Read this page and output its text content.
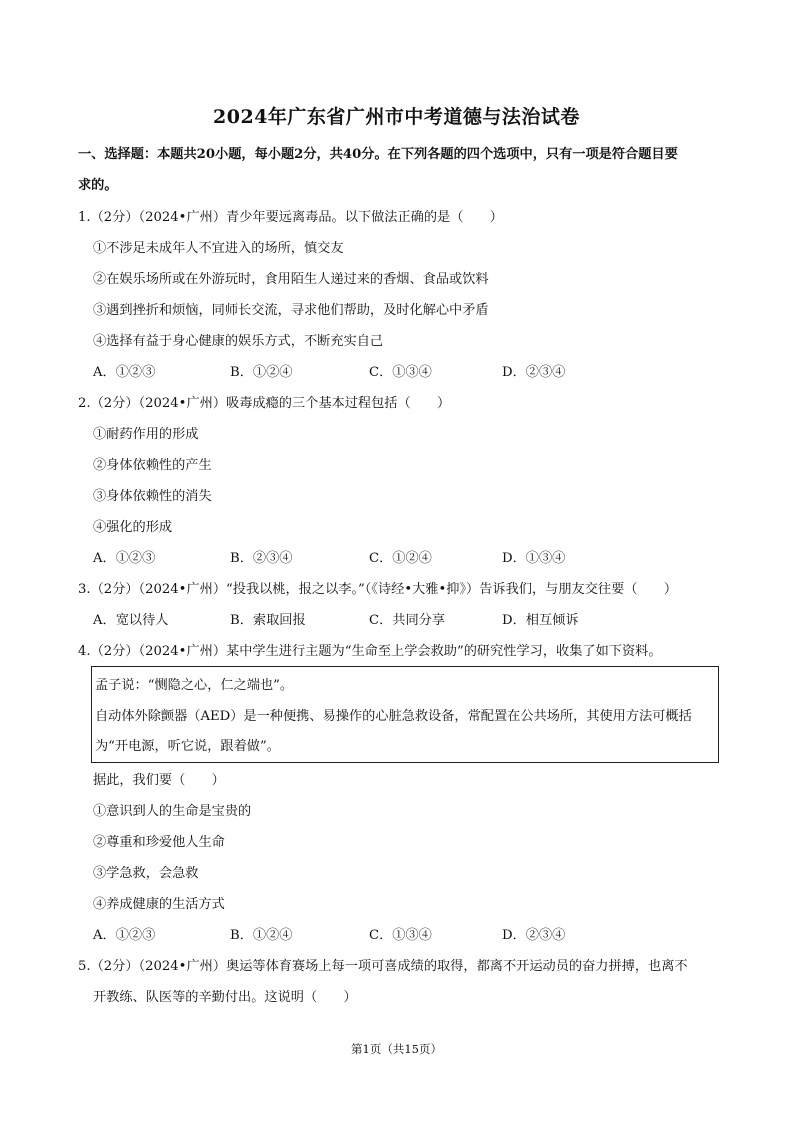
2024年广东省广州市中考道德与法治试卷
一、选择题：本题共20小题，每小题2分，共40分。在下列各题的四个选项中，只有一项是符合题目要
求的。
1.（2分）（2024•广州）青少年要远离毒品。以下做法正确的是（　　）
①不涉足未成年人不宜进入的场所，慎交友
②在娱乐场所或在外游玩时，食用陌生人递过来的香烟、食品或饮料
③遇到挫折和烦恼，同师长交流，寻求他们帮助，及时化解心中矛盾
④选择有益于身心健康的娱乐方式，不断充实自己
A．①②③	B．①②④	C．①③④	D．②③④
2.（2分）（2024•广州）吸毒成瘾的三个基本过程包括（　　）
①耐药作用的形成
②身体依赖性的产生
③身体依赖性的消失
④强化的形成
A．①②③	B．②③④	C．①②④	D．①③④
3.（2分）（2024•广州）“投我以桃，报之以李。”（《诗经•大雅•抑》）告诉我们，与朋友交往要（　　）
A．宽以待人	B．索取回报	C．共同分享	D．相互倾诉
4.（2分）（2024•广州）某中学生进行主题为“生命至上学会救助”的研究性学习，收集了如下资料。
孟子说：“恻隐之心，仁之端也”。
自动体外除颤器（AED）是一种便携、易操作的心脏急救设备，常配置在公共场所，其使用方法可概括
为“开电源，听它说，跟着做”。
据此，我们要（　　）
①意识到人的生命是宝贵的
②尊重和珍爱他人生命
③学急救，会急救
④养成健康的生活方式
A．①②③	B．①②④	C．①③④	D．②③④
5.（2分）（2024•广州）奥运等体育赛场上每一项可喜成绩的取得，都离不开运动员的奋力拼搏，也离不
开教练、队医等的辛勤付出。这说明（　　）
第1页（共15页）
